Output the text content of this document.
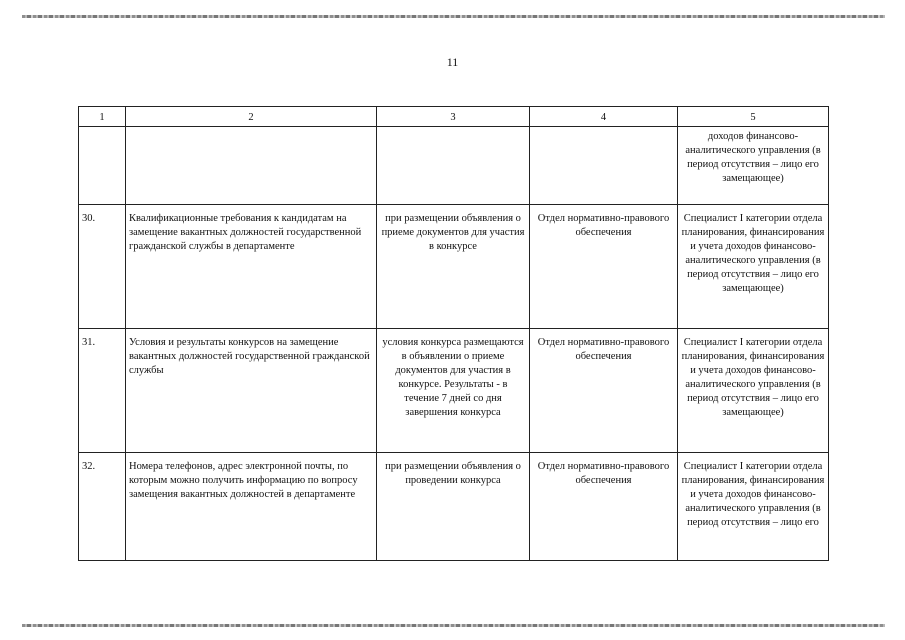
11
1	2	3	4	5
				доходов финансово-аналитического управления (в период отсутствия – лицо его замещающее)
30.	Квалификационные требования к кандидатам на замещение вакантных должностей государственной гражданской службы в департаменте	при размещении объявления о приеме документов для участия в конкурсе	Отдел нормативно-правового обеспечения	Специалист I категории отдела планирования, финансирования и учета доходов финансово-аналитического управления (в период отсутствия – лицо его замещающее)
31.	Условия и результаты конкурсов на замещение вакантных должностей государственной гражданской службы	условия конкурса размещаются в объявлении о приеме документов для участия в конкурсе. Результаты - в течение 7 дней со дня завершения конкурса	Отдел нормативно-правового обеспечения	Специалист I категории отдела планирования, финансирования и учета доходов финансово-аналитического управления (в период отсутствия – лицо его замещающее)
32.	Номера телефонов, адрес электронной почты, по которым можно получить информацию по вопросу замещения вакантных должностей в департаменте	при размещении объявления о проведении конкурса	Отдел нормативно-правового обеспечения	Специалист I категории отдела планирования, финансирования и учета доходов финансово-аналитического управления (в период отсутствия – лицо его
